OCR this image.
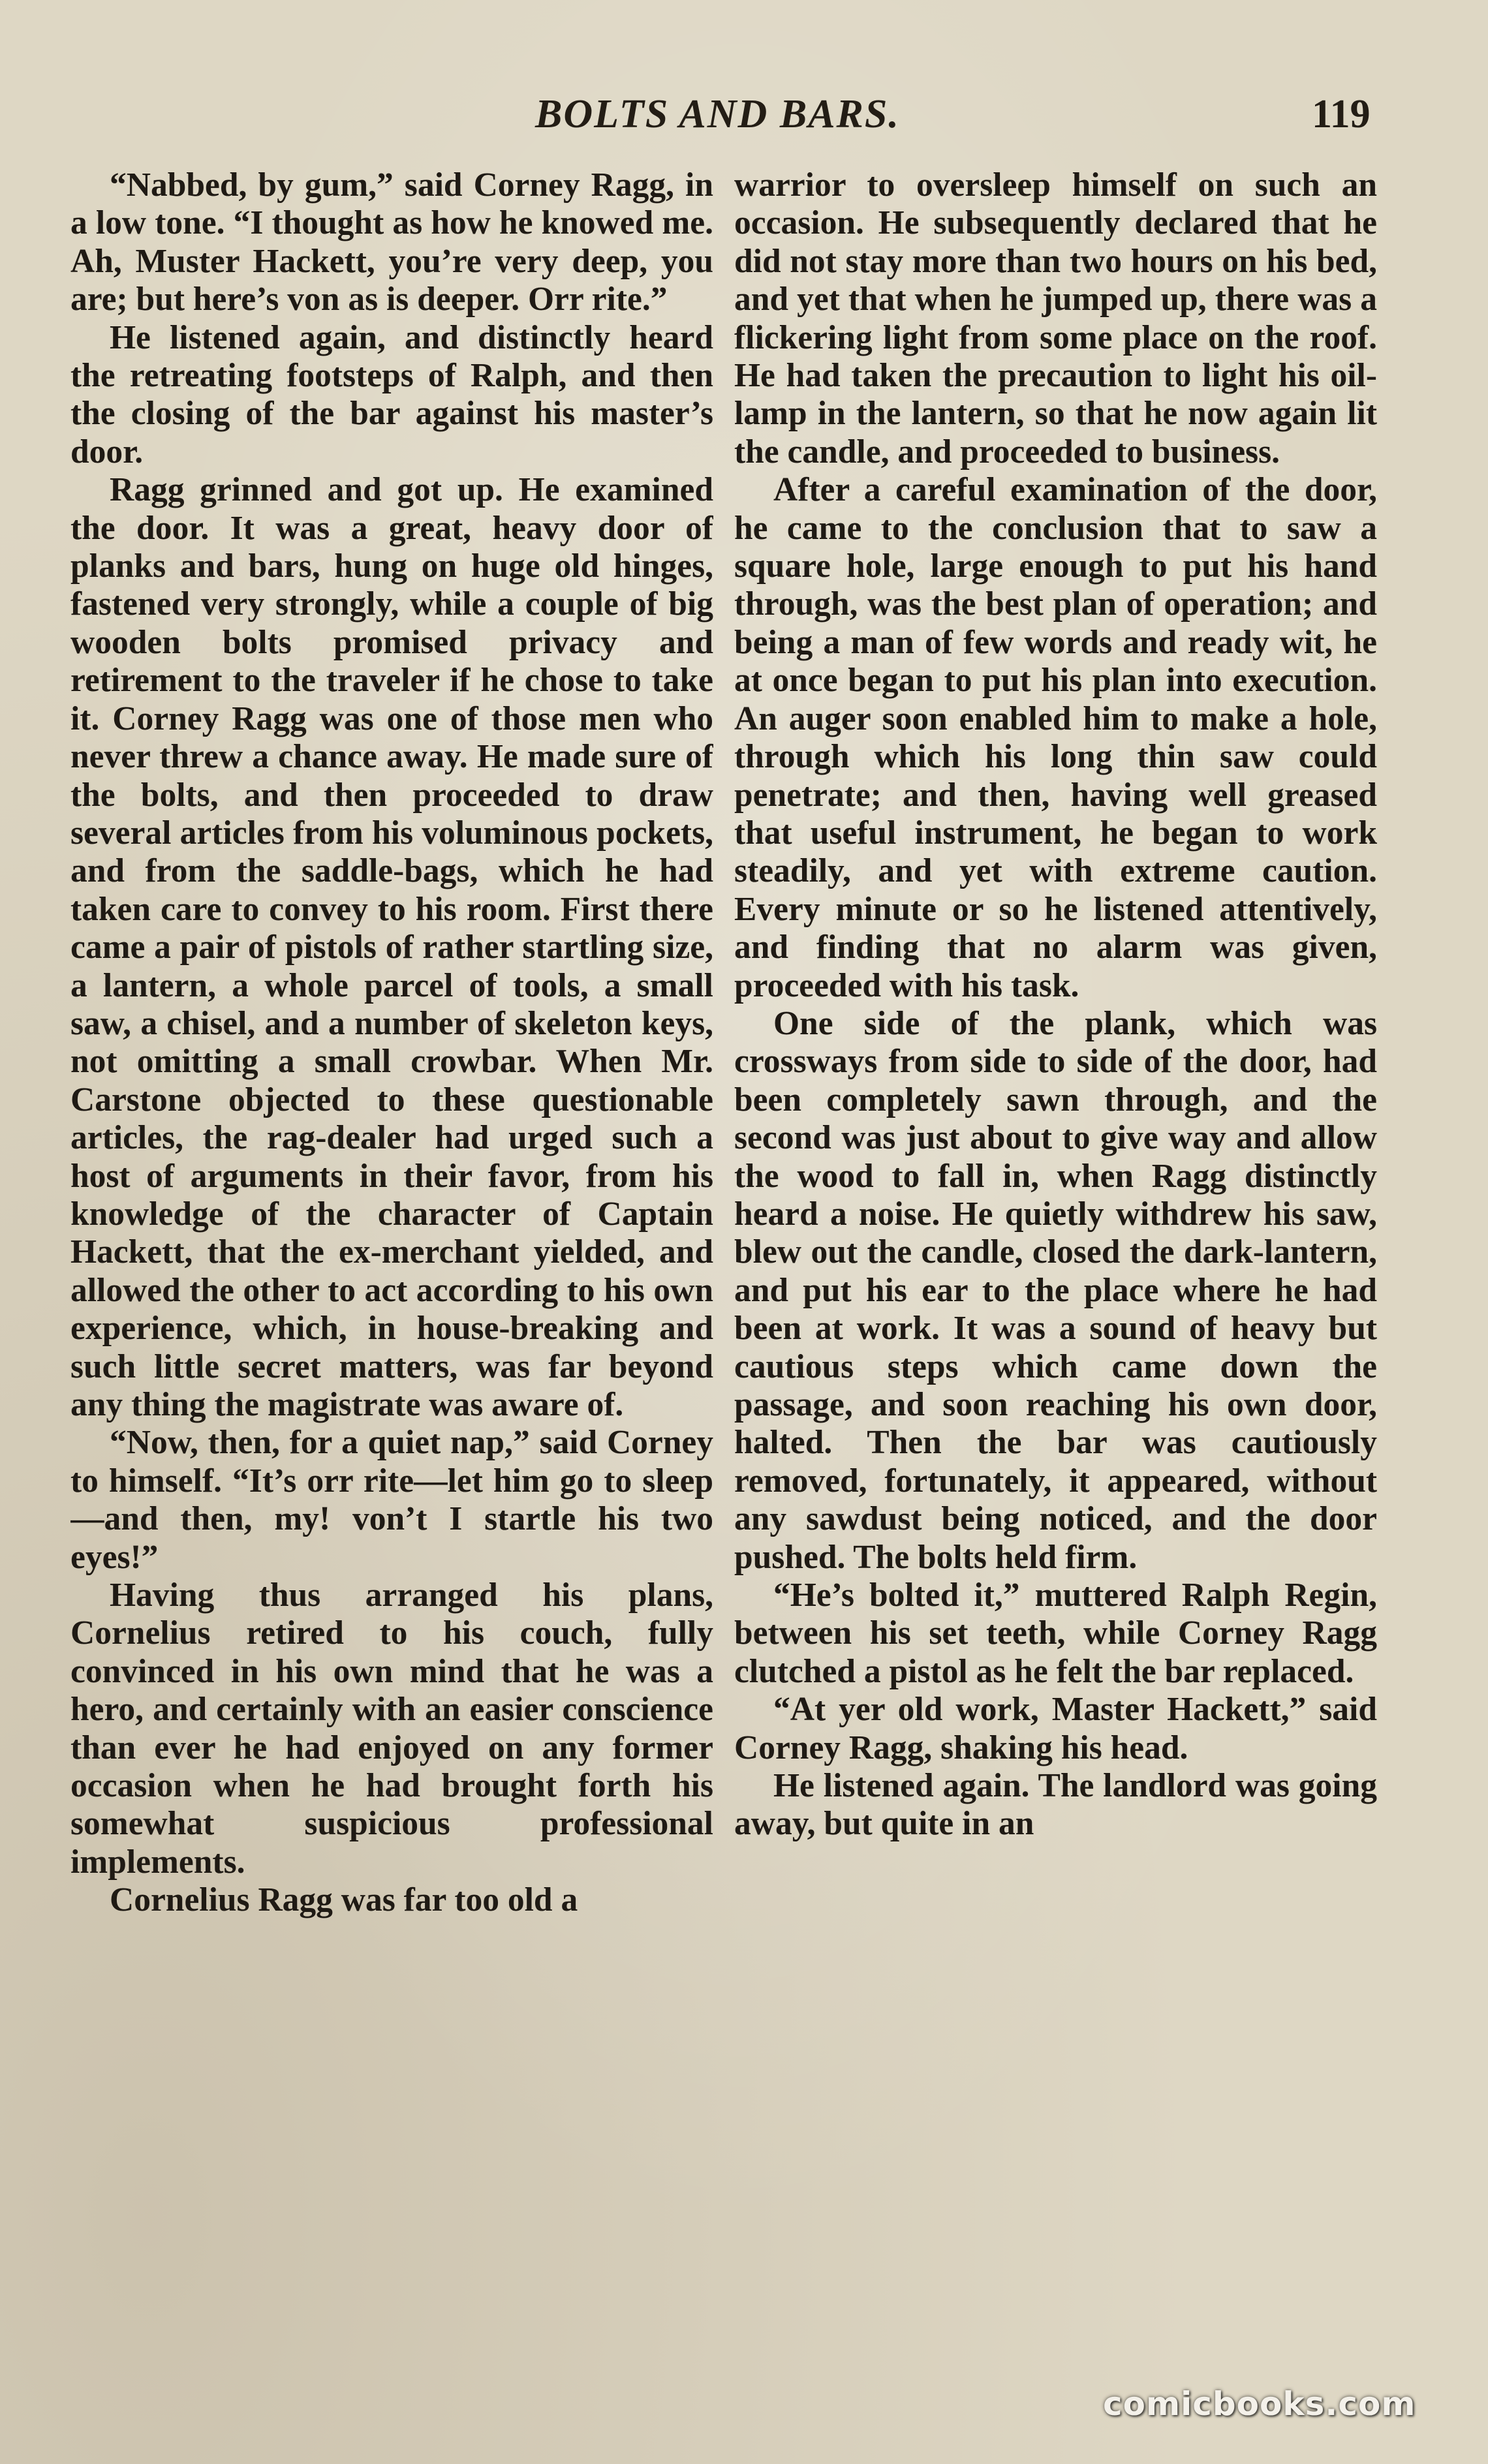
BOLTS AND BARS.	119

“Nabbed, by gum,” said Corney Ragg, in a low tone. “I thought as how he knowed me. Ah, Muster Hackett, you’re very deep, you are; but here’s von as is deeper. Orr rite.”

He listened again, and distinctly heard the retreating footsteps of Ralph, and then the closing of the bar against his master’s door.

Ragg grinned and got up. He examined the door. It was a great, heavy door of planks and bars, hung on huge old hinges, fastened very strongly, while a couple of big wooden bolts promised privacy and retirement to the traveler if he chose to take it. Corney Ragg was one of those men who never threw a chance away. He made sure of the bolts, and then proceeded to draw several articles from his voluminous pockets, and from the saddle-bags, which he had taken care to convey to his room. First there came a pair of pistols of rather startling size, a lantern, a whole parcel of tools, a small saw, a chisel, and a number of skeleton keys, not omitting a small crowbar. When Mr. Carstone objected to these questionable articles, the rag-dealer had urged such a host of arguments in their favor, from his knowledge of the character of Captain Hackett, that the ex-merchant yielded, and allowed the other to act according to his own experience, which, in house-breaking and such little secret matters, was far beyond any thing the magistrate was aware of.

“Now, then, for a quiet nap,” said Corney to himself. “It’s orr rite—let him go to sleep—and then, my! von’t I startle his two eyes!”

Having thus arranged his plans, Cornelius retired to his couch, fully convinced in his own mind that he was a hero, and certainly with an easier conscience than ever he had enjoyed on any former occasion when he had brought forth his somewhat suspicious professional implements.

Cornelius Ragg was far too old a

warrior to oversleep himself on such an occasion. He subsequently declared that he did not stay more than two hours on his bed, and yet that when he jumped up, there was a flickering light from some place on the roof. He had taken the precaution to light his oil-lamp in the lantern, so that he now again lit the candle, and proceeded to business.

After a careful examination of the door, he came to the conclusion that to saw a square hole, large enough to put his hand through, was the best plan of operation; and being a man of few words and ready wit, he at once began to put his plan into execution. An auger soon enabled him to make a hole, through which his long thin saw could penetrate; and then, having well greased that useful instrument, he began to work steadily, and yet with extreme caution. Every minute or so he listened attentively, and finding that no alarm was given, proceeded with his task.

One side of the plank, which was crossways from side to side of the door, had been completely sawn through, and the second was just about to give way and allow the wood to fall in, when Ragg distinctly heard a noise. He quietly withdrew his saw, blew out the candle, closed the dark-lantern, and put his ear to the place where he had been at work. It was a sound of heavy but cautious steps which came down the passage, and soon reaching his own door, halted. Then the bar was cautiously removed, fortunately, it appeared, without any sawdust being noticed, and the door pushed. The bolts held firm.

“He’s bolted it,” muttered Ralph Regin, between his set teeth, while Corney Ragg clutched a pistol as he felt the bar replaced.

“At yer old work, Master Hackett,” said Corney Ragg, shaking his head.

He listened again. The landlord was going away, but quite in an

comicbooks.com
